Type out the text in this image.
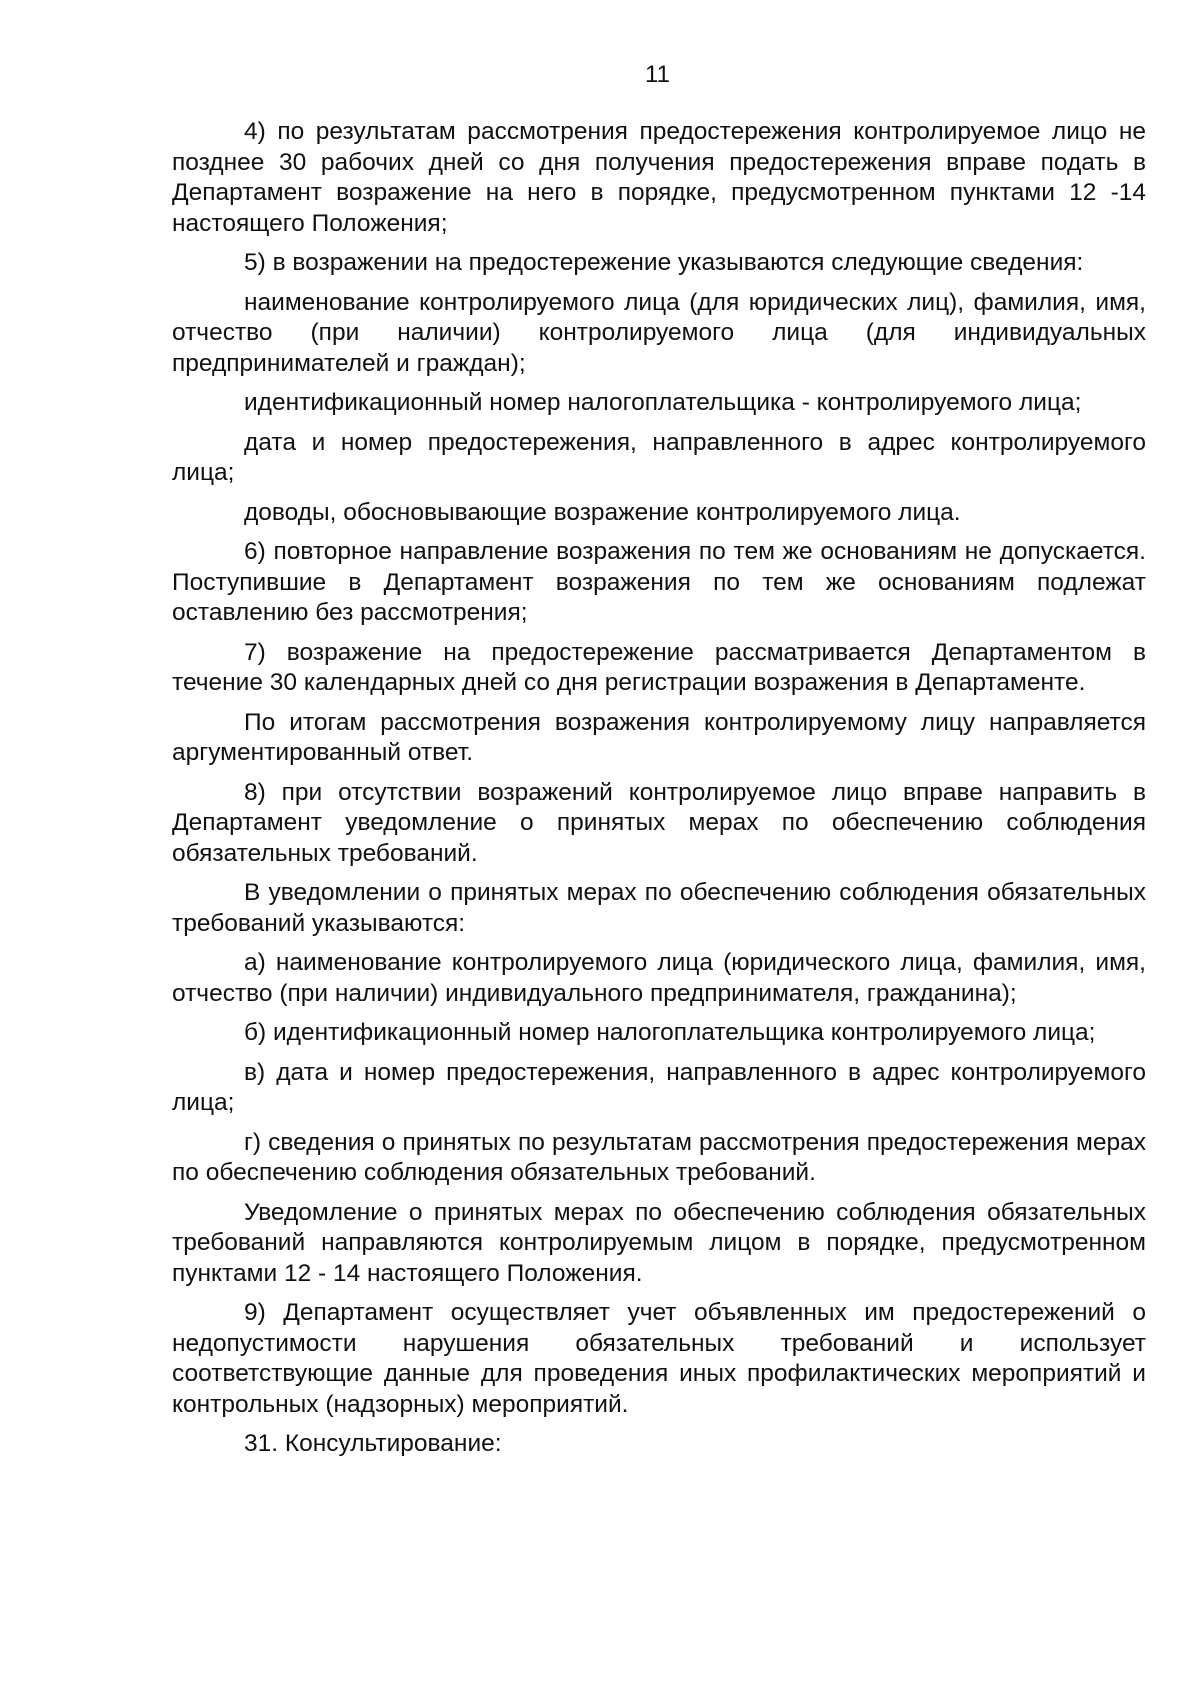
11

4) по результатам рассмотрения предостережения контролируемое лицо не позднее 30 рабочих дней со дня получения предостережения вправе подать в Департамент возражение на него в порядке, предусмотренном пунктами 12 -14 настоящего Положения;

5) в возражении на предостережение указываются следующие сведения:

наименование контролируемого лица (для юридических лиц), фамилия, имя, отчество (при наличии) контролируемого лица (для индивидуальных предпринимателей и граждан);

идентификационный номер налогоплательщика - контролируемого лица;

дата и номер предостережения, направленного в адрес контролируемого лица;

доводы, обосновывающие возражение контролируемого лица.

6) повторное направление возражения по тем же основаниям не допускается. Поступившие в Департамент возражения по тем же основаниям подлежат оставлению без рассмотрения;

7) возражение на предостережение рассматривается Департаментом в течение 30 календарных дней со дня регистрации возражения в Департаменте.

По итогам рассмотрения возражения контролируемому лицу направляется аргументированный ответ.

8) при отсутствии возражений контролируемое лицо вправе направить в Департамент уведомление о принятых мерах по обеспечению соблюдения обязательных требований.

В уведомлении о принятых мерах по обеспечению соблюдения обязательных требований указываются:

а) наименование контролируемого лица (юридического лица, фамилия, имя, отчество (при наличии) индивидуального предпринимателя, гражданина);

б) идентификационный номер налогоплательщика контролируемого лица;

в) дата и номер предостережения, направленного в адрес контролируемого лица;

г) сведения о принятых по результатам рассмотрения предостережения мерах по обеспечению соблюдения обязательных требований.

Уведомление о принятых мерах по обеспечению соблюдения обязательных требований направляются контролируемым лицом в порядке, предусмотренном пунктами 12 - 14 настоящего Положения.

9) Департамент осуществляет учет объявленных им предостережений о недопустимости нарушения обязательных требований и использует соответствующие данные для проведения иных профилактических мероприятий и контрольных (надзорных) мероприятий.

31. Консультирование:
